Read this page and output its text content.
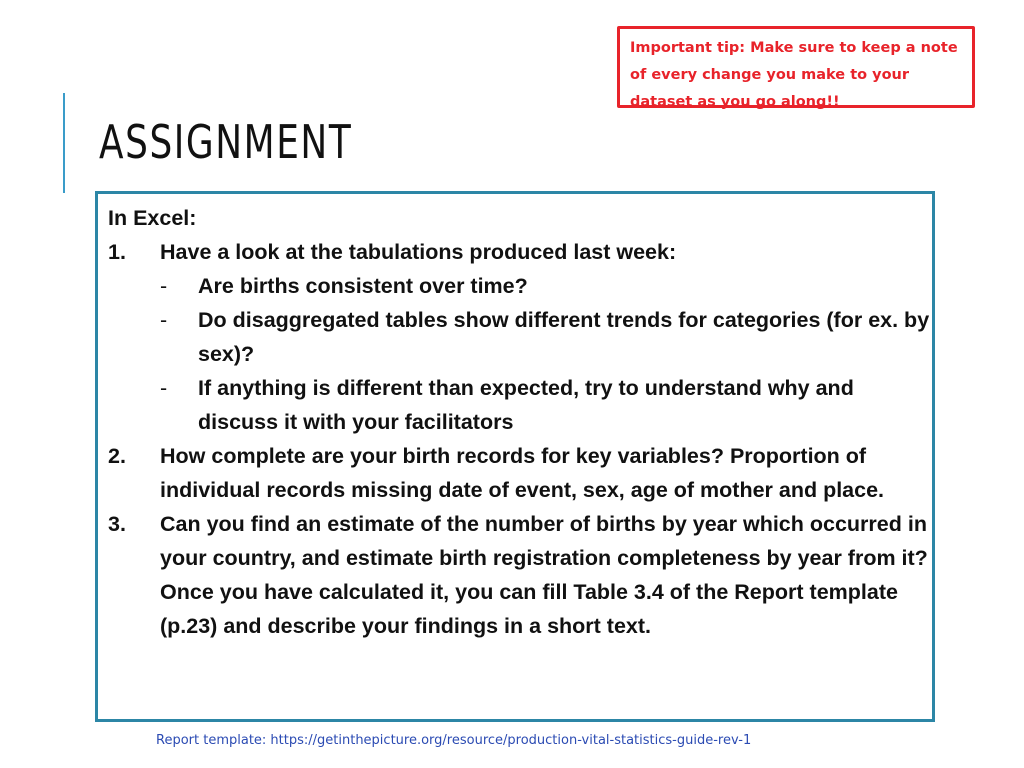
ASSIGNMENT
Important tip: Make sure to keep a note of every change you make to your dataset as you go along!!

In Excel:

1. Have a look at the tabulations produced last week:

- Are births consistent over time?
- Do disaggregated tables show different trends for categories (for ex. by sex)?
- If anything is different than expected, try to understand why and discuss it with your facilitators
2. How complete are your birth records for key variables? Proportion of individual records missing date of event, sex, age of mother and place.

3. Can you find an estimate of the number of births by year which occurred in your country, and estimate birth registration completeness by year from it? Once you have calculated it, you can fill Table 3.4 of the Report template (p.23) and describe your findings in a short text.

Report template: https://getinthepicture.org/resource/production-vital-statistics-guide-rev-1
